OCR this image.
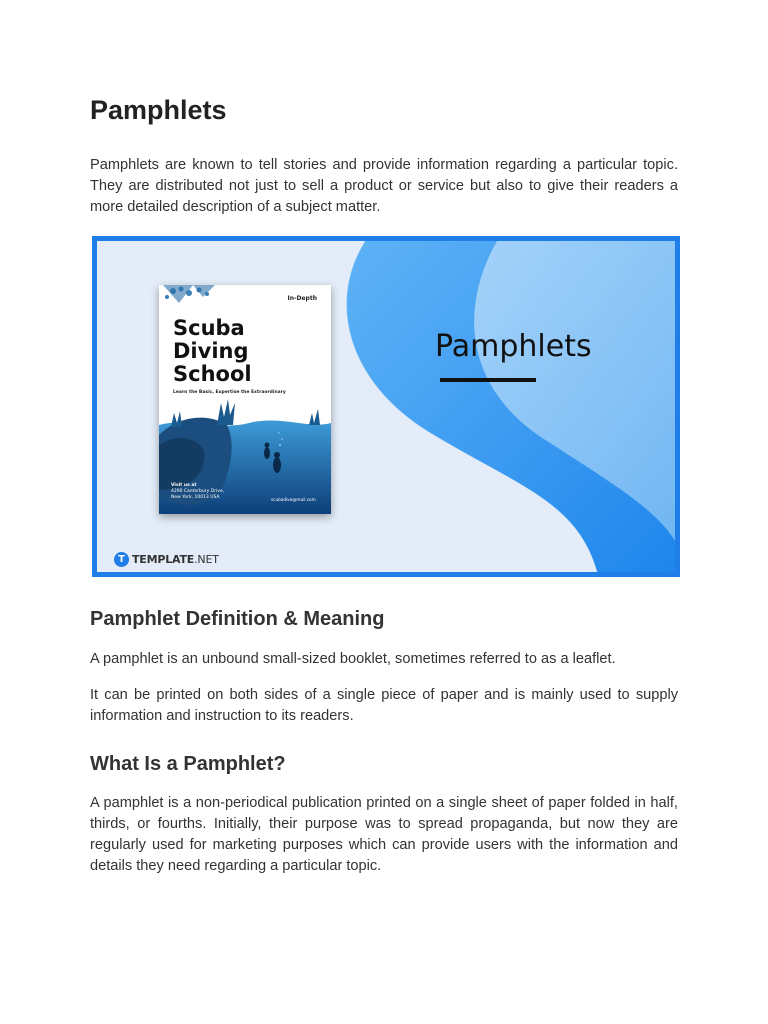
Pamphlets

Pamphlets are known to tell stories and provide information regarding a particular topic. They are distributed not just to sell a product or service but also to give their readers a more detailed description of a subject matter.

Pamphlet Definition & Meaning

A pamphlet is an unbound small-sized booklet, sometimes referred to as a leaflet.

It can be printed on both sides of a single piece of paper and is mainly used to supply information and instruction to its readers.

What Is a Pamphlet?

A pamphlet is a non-periodical publication printed on a single sheet of paper folded in half, thirds, or fourths. Initially, their purpose was to spread propaganda, but now they are regularly used for marketing purposes which can provide users with the information and details they need regarding a particular topic.

Pamphlets
In-Depth
Scuba
Diving
School
Learn the Basic, Expertise the Extraordinary
Visit us at
4290 Canterbury Drive,
New York, 10013 USA	scubadive@mail.com
T TEMPLATE.NET
